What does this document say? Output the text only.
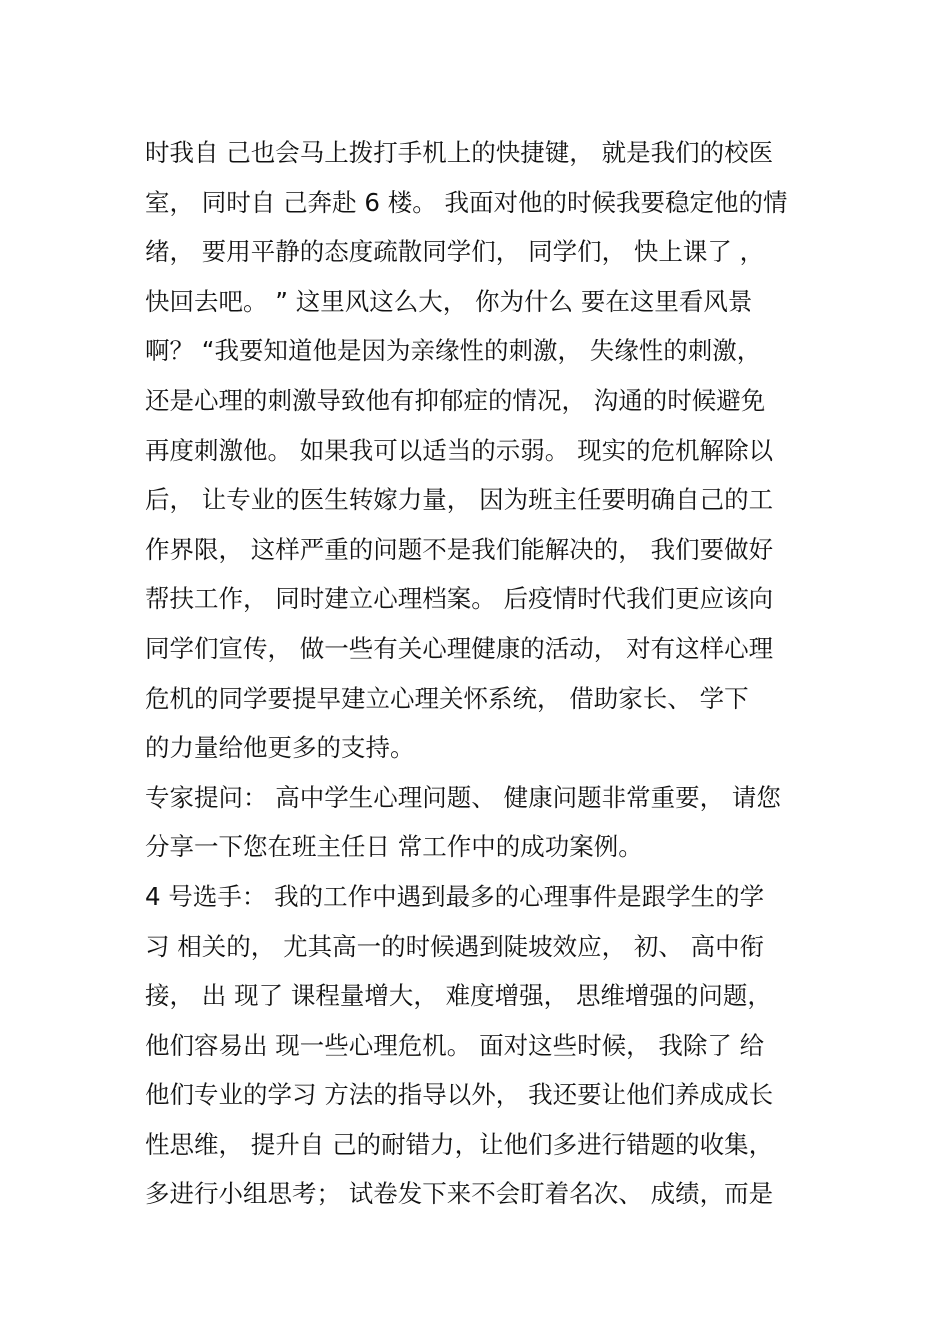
时我自 己也会马上拨打手机上的快捷键， 就是我们的校医
室， 同时自 己奔赴 6 楼。 我面对他的时候我要稳定他的情
绪， 要用平静的态度疏散同学们， 同学们， 快上课了 ，
快回去吧。 ” 这里风这么大， 你为什么 要在这里看风景
啊？ “我要知道他是因为亲缘性的刺激， 失缘性的刺激，
还是心理的刺激导致他有抑郁症的情况， 沟通的时候避免
再度刺激他。 如果我可以适当的示弱。 现实的危机解除以
后， 让专业的医生转嫁力量， 因为班主任要明确自己的工
作界限， 这样严重的问题不是我们能解决的， 我们要做好
帮扶工作， 同时建立心理档案。 后疫情时代我们更应该向
同学们宣传， 做一些有关心理健康的活动， 对有这样心理
危机的同学要提早建立心理关怀系统， 借助家长、 学下
的力量给他更多的支持。
专家提问： 高中学生心理问题、 健康问题非常重要， 请您
分享一下您在班主任日 常工作中的成功案例。
4 号选手： 我的工作中遇到最多的心理事件是跟学生的学
习 相关的， 尤其高一的时候遇到陡坡效应， 初、 高中衔
接， 出 现了 课程量增大， 难度增强， 思维增强的问题，
他们容易出 现一些心理危机。 面对这些时候， 我除了 给
他们专业的学习 方法的指导以外， 我还要让他们养成成长
性思维， 提升自 己的耐错力，让他们多进行错题的收集，
多进行小组思考； 试卷发下来不会盯着名次、 成绩，而是
